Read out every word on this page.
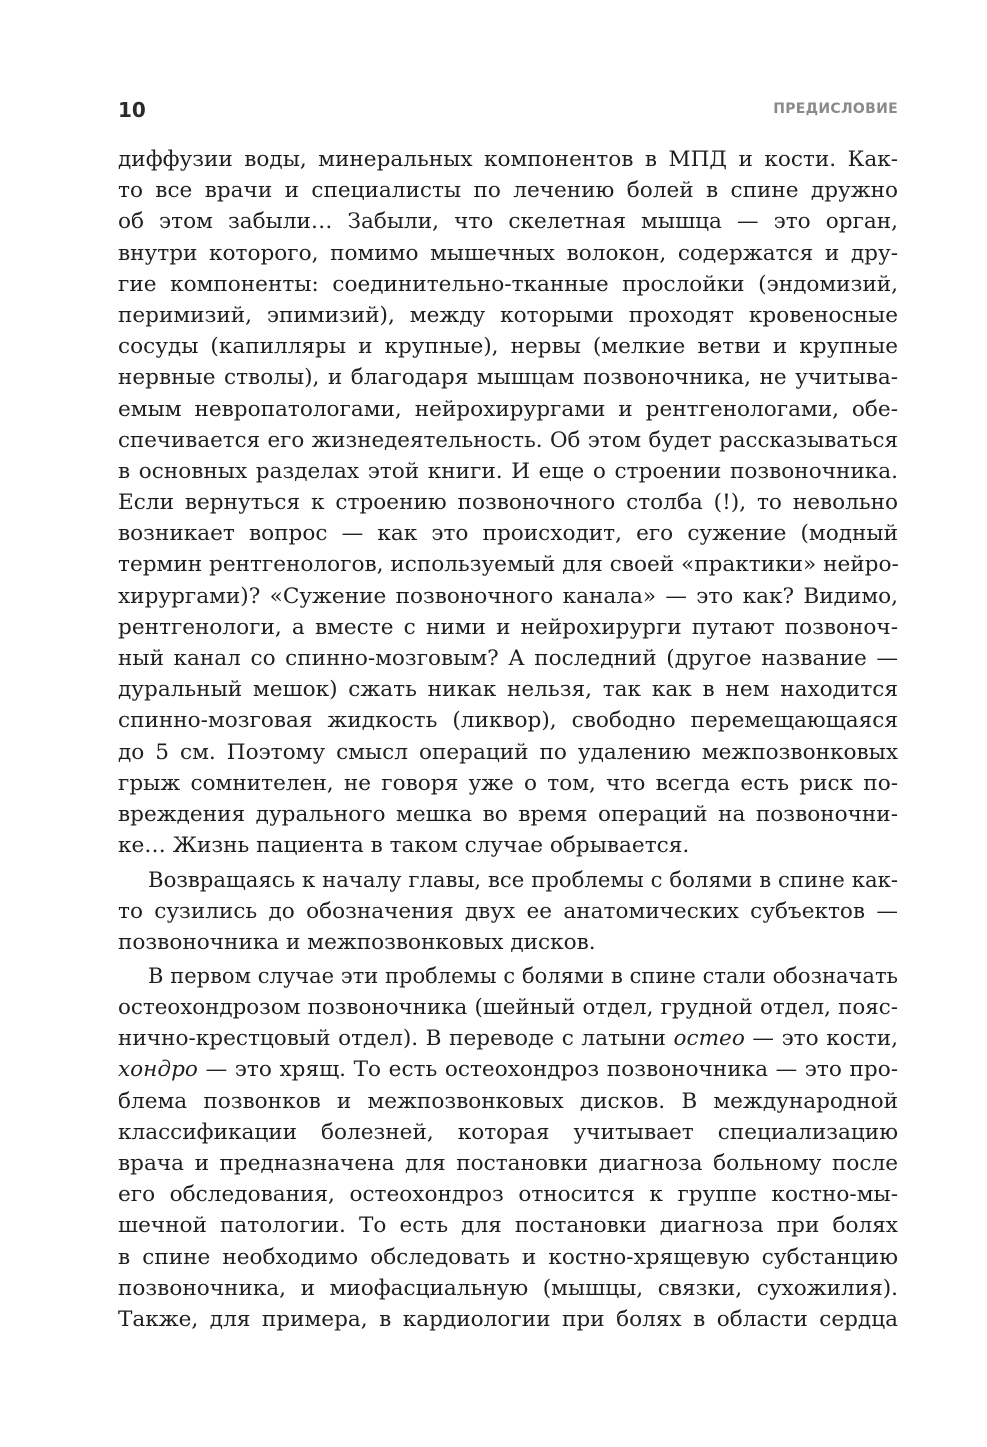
10	ПРЕДИСЛОВИЕ
диффузии воды, минеральных компонентов в МПД и кости. Как-
то все врачи и специалисты по лечению болей в спине дружно
об этом забыли… Забыли, что скелетная мышца — это орган,
внутри которого, помимо мышечных волокон, содержатся и дру-
гие компоненты: соединительно-тканные прослойки (эндомизий,
перимизий, эпимизий), между которыми проходят кровеносные
сосуды (капилляры и крупные), нервы (мелкие ветви и крупные
нервные стволы), и благодаря мышцам позвоночника, не учитыва-
емым невропатологами, нейрохирургами и рентгенологами, обе-
спечивается его жизнедеятельность. Об этом будет рассказываться
в основных разделах этой книги. И еще о строении позвоночника.
Если вернуться к строению позвоночного столба (!), то невольно
возникает вопрос — как это происходит, его сужение (модный
термин рентгенологов, используемый для своей «практики» нейро-
хирургами)? «Сужение позвоночного канала» — это как? Видимо,
рентгенологи, а вместе с ними и нейрохирурги путают позвоноч-
ный канал со спинно-мозговым? А последний (другое название —
дуральный мешок) сжать никак нельзя, так как в нем находится
спинно-мозговая жидкость (ликвор), свободно перемещающаяся
до 5 см. Поэтому смысл операций по удалению межпозвонковых
грыж сомнителен, не говоря уже о том, что всегда есть риск по-
вреждения дурального мешка во время операций на позвоночни-
ке… Жизнь пациента в таком случае обрывается.
Возвращаясь к началу главы, все проблемы с болями в спине как-
то сузились до обозначения двух ее анатомических субъектов —
позвоночника и межпозвонковых дисков.
В первом случае эти проблемы с болями в спине стали обозначать
остеохондрозом позвоночника (шейный отдел, грудной отдел, пояс-
нично-крестцовый отдел). В переводе с латыни остео — это кости,
хондро — это хрящ. То есть остеохондроз позвоночника — это про-
блема позвонков и межпозвонковых дисков. В международной
классификации болезней, которая учитывает специализацию
врача и предназначена для постановки диагноза больному после
его обследования, остеохондроз относится к группе костно-мы-
шечной патологии. То есть для постановки диагноза при болях
в спине необходимо обследовать и костно-хрящевую субстанцию
позвоночника, и миофасциальную (мышцы, связки, сухожилия).
Также, для примера, в кардиологии при болях в области сердца
